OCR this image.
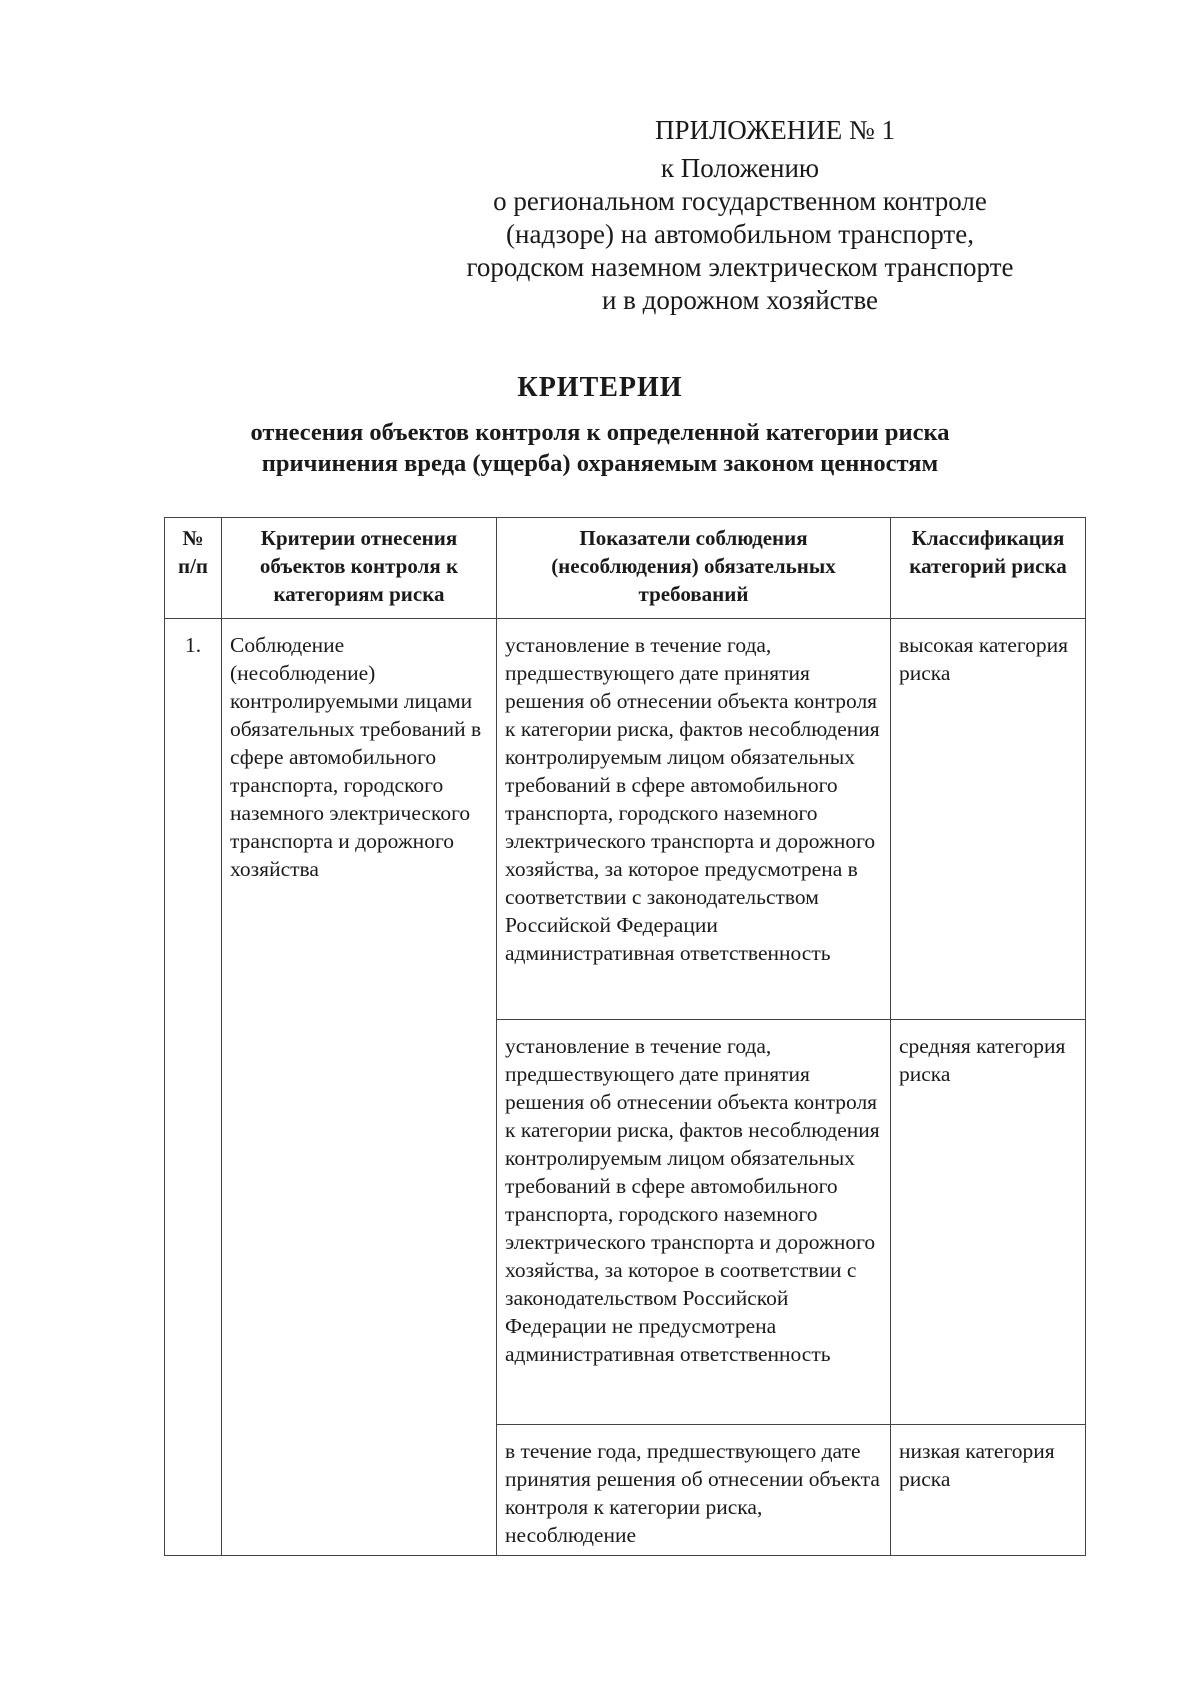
ПРИЛОЖЕНИЕ № 1
к Положению
о региональном государственном контроле
(надзоре) на автомобильном транспорте,
городском наземном электрическом транспорте
и в дорожном хозяйстве
КРИТЕРИИ
отнесения объектов контроля к определенной категории риска
причинения вреда (ущерба) охраняемым законом ценностям
№ п/п	Критерии отнесения объектов контроля к категориям риска	Показатели соблюдения (несоблюдения) обязательных требований	Классификация категорий риска
1.	Соблюдение (несоблюдение) контролируемыми лицами обязательных требований в сфере автомобильного транспорта, городского наземного электрического транспорта и дорожного хозяйства	установление в течение года, предшествующего дате принятия решения об отнесении объекта контроля к категории риска, фактов несоблюдения контролируемым лицом обязательных требований в сфере автомобильного транспорта, городского наземного электрического транспорта и дорожного хозяйства, за которое предусмотрена в соответствии с законодательством Российской Федерации административная ответственность	высокая категория риска
		установление в течение года, предшествующего дате принятия решения об отнесении объекта контроля к категории риска, фактов несоблюдения контролируемым лицом обязательных требований в сфере автомобильного транспорта, городского наземного электрического транспорта и дорожного хозяйства, за которое в соответствии с законодательством Российской Федерации не предусмотрена административная ответственность	средняя категория риска
		в течение года, предшествующего дате принятия решения об отнесении объекта контроля к категории риска, несоблюдение	низкая категория риска
